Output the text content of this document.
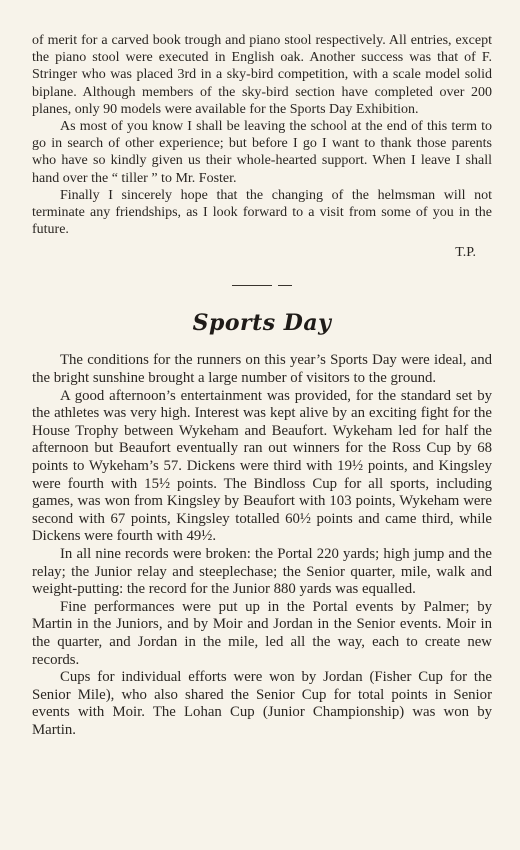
of merit for a carved book trough and piano stool respectively. All entries, except the piano stool were executed in English oak. Another success was that of F. Stringer who was placed 3rd in a sky-bird competition, with a scale model solid biplane. Although members of the sky-bird section have completed over 200 planes, only 90 models were available for the Sports Day Exhibition.

As most of you know I shall be leaving the school at the end of this term to go in search of other experience; but before I go I want to thank those parents who have so kindly given us their whole-hearted support. When I leave I shall hand over the “ tiller ” to Mr. Foster.

Finally I sincerely hope that the changing of the helmsman will not terminate any friendships, as I look forward to a visit from some of you in the future.

T.P.
Sports Day

The conditions for the runners on this year’s Sports Day were ideal, and the bright sunshine brought a large number of visitors to the ground.

A good afternoon’s entertainment was provided, for the standard set by the athletes was very high. Interest was kept alive by an exciting fight for the House Trophy between Wykeham and Beaufort. Wykeham led for half the afternoon but Beaufort eventually ran out winners for the Ross Cup by 68 points to Wykeham’s 57. Dickens were third with 19½ points, and Kingsley were fourth with 15½ points. The Bindloss Cup for all sports, including games, was won from Kingsley by Beaufort with 103 points, Wykeham were second with 67 points, Kingsley totalled 60½ points and came third, while Dickens were fourth with 49½.

In all nine records were broken: the Portal 220 yards; high jump and the relay; the Junior relay and steeplechase; the Senior quarter, mile, walk and weight-putting: the record for the Junior 880 yards was equalled.

Fine performances were put up in the Portal events by Palmer; by Martin in the Juniors, and by Moir and Jordan in the Senior events. Moir in the quarter, and Jordan in the mile, led all the way, each to create new records.

Cups for individual efforts were won by Jordan (Fisher Cup for the Senior Mile), who also shared the Senior Cup for total points in Senior events with Moir. The Lohan Cup (Junior Championship) was won by Martin.
